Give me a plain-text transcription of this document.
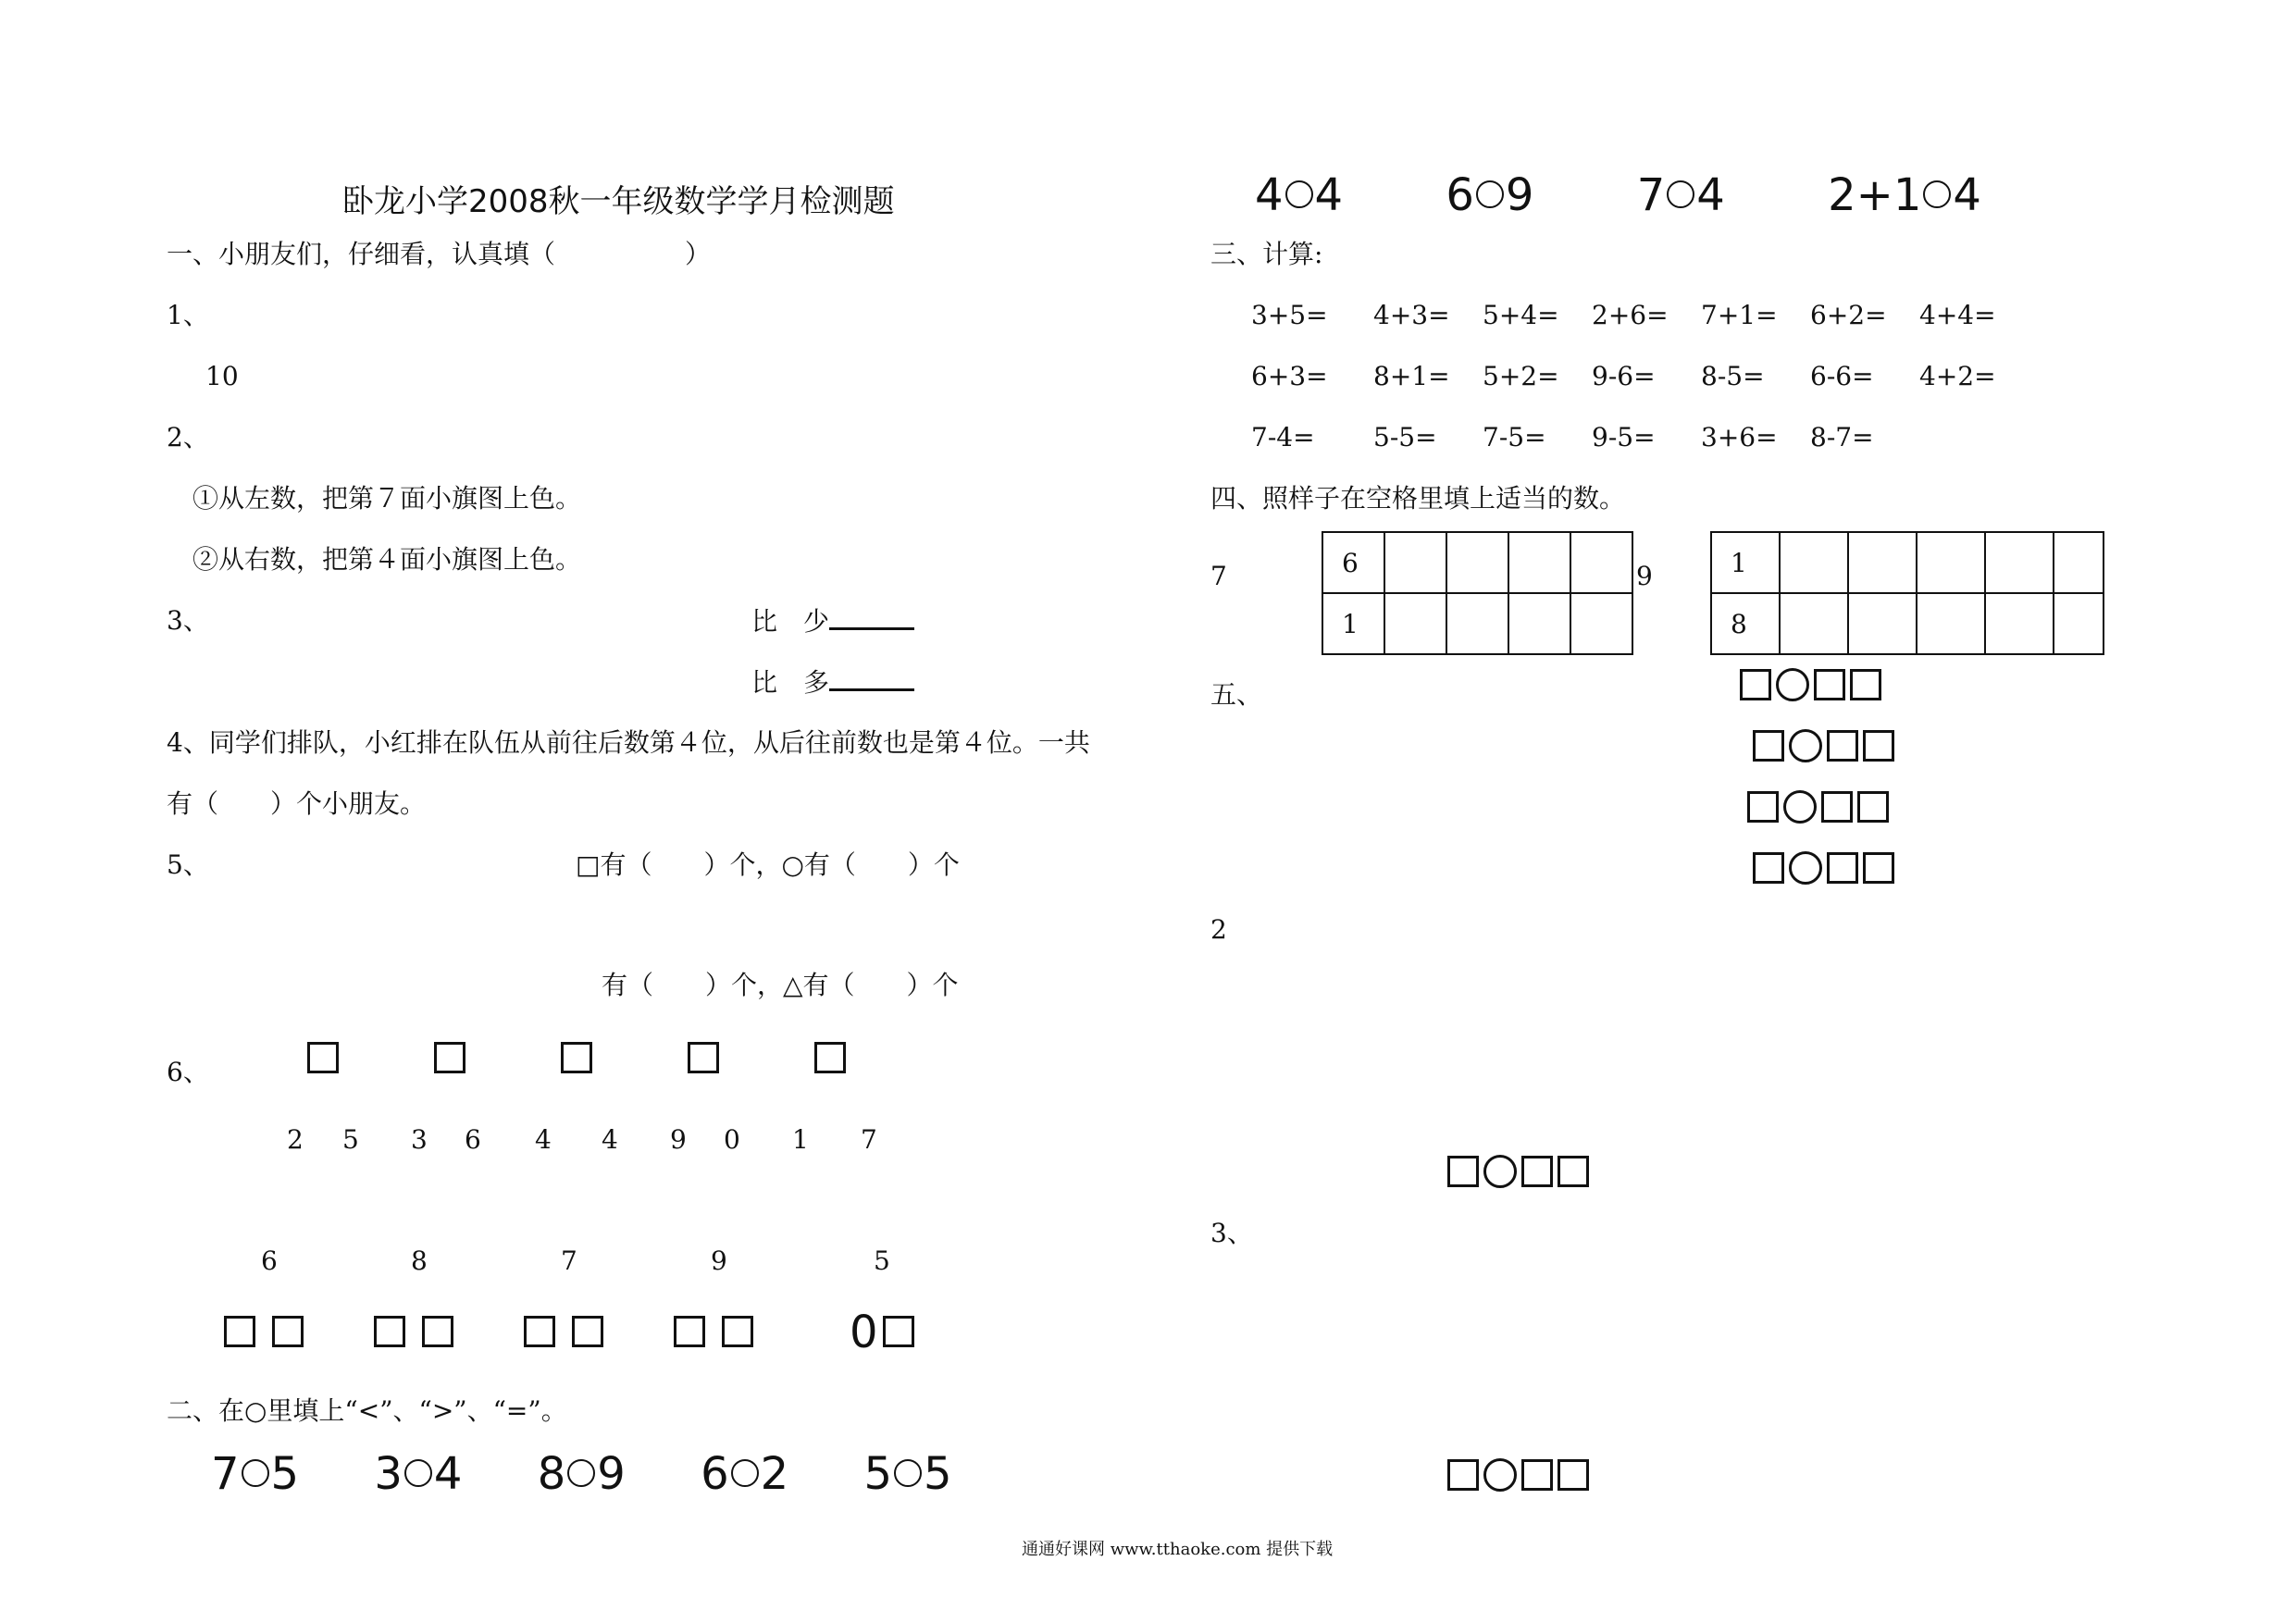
卧龙小学2008秋一年级数学学月检测题
一、小朋友们，仔细看，认真填（　　　　　）
1、
10
2、
①从左数，把第７面小旗图上色。
②从右数，把第４面小旗图上色。
3、	比　少
比　多
4、同学们排队，小红排在队伍从前往后数第４位，从后往前数也是第４位。一共
有（　　）个小朋友。
5、	□有（　　）个，○有（　　）个
有（　　）个，△有（　　）个
6、
2 5 3 6 4 4 9 0 1 7
6	8	7	9	5
0
二、在○里填上“<”、“>”、“=”。
7 5 3 4 8 9 6 2 5 5
4 4 6 9 7 4 2+1 4
三、计算:
3+5= 4+3= 5+4= 2+6= 7+1= 6+2= 4+4=
6+3= 8+1= 5+2= 9-6= 8-5= 6-6= 4+2=
7-4= 5-5= 7-5= 9-5= 3+6= 8-7=
四、照样子在空格里填上适当的数。
7	6				
1				
9	1					
8					
五、

2

3、

通通好课网 www.tthaoke.com 提供下载
